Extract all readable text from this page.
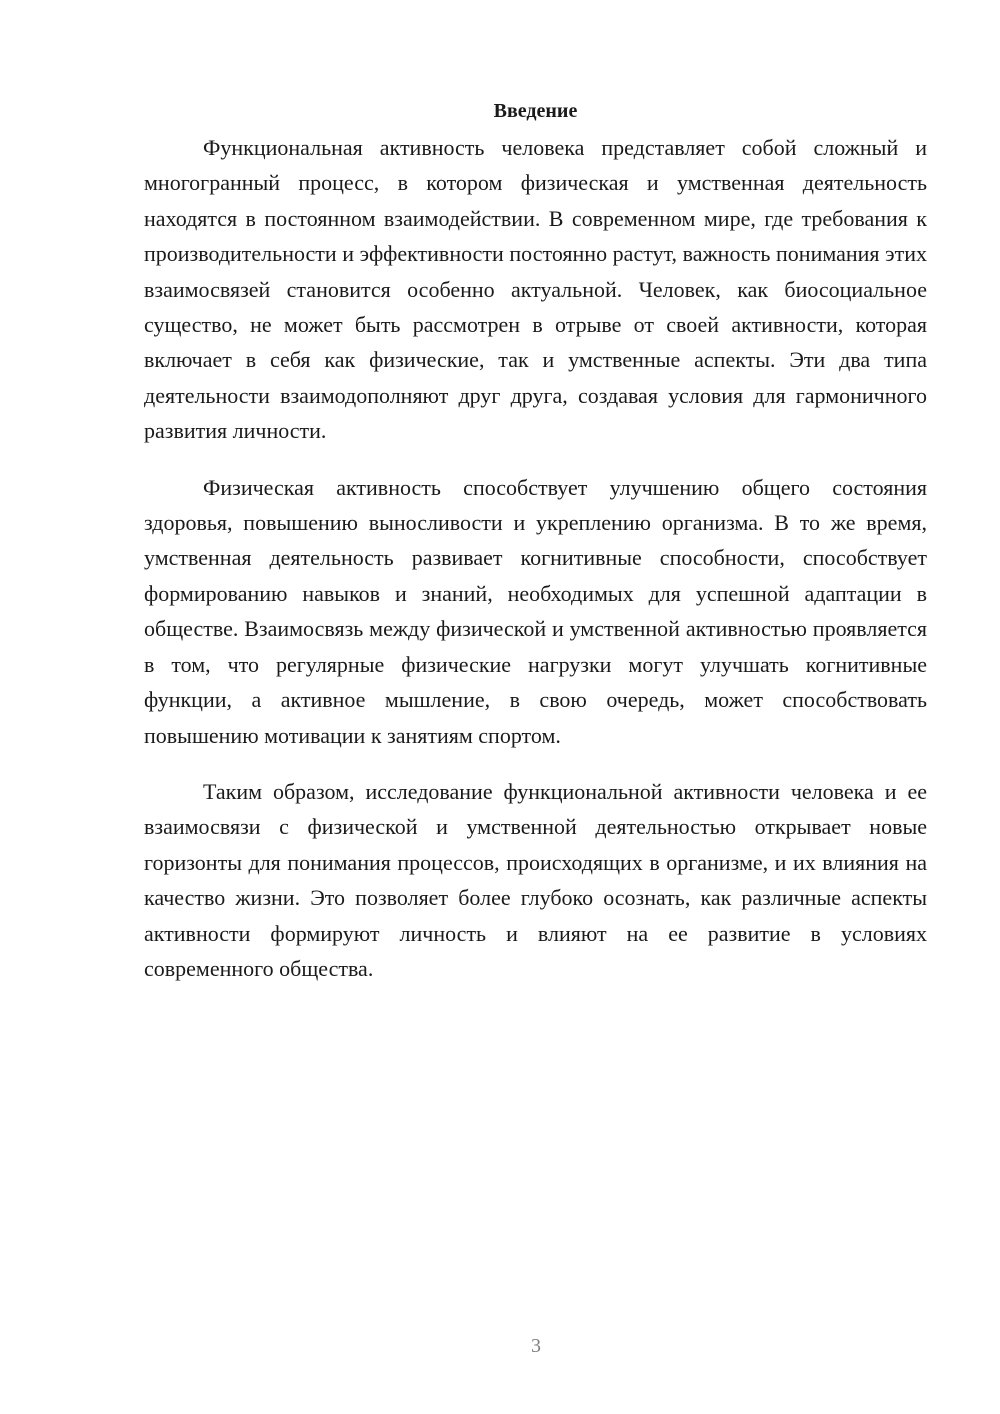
Введение

Функциональная активность человека представляет собой сложный и многогранный процесс, в котором физическая и умственная деятельность находятся в постоянном взаимодействии. В современном мире, где требования к производительности и эффективности постоянно растут, важность понимания этих взаимосвязей становится особенно актуальной. Человек, как биосоциальное существо, не может быть рассмотрен в отрыве от своей активности, которая включает в себя как физические, так и умственные аспекты. Эти два типа деятельности взаимодополняют друг друга, создавая условия для гармоничного развития личности.

Физическая активность способствует улучшению общего состояния здоровья, повышению выносливости и укреплению организма. В то же время, умственная деятельность развивает когнитивные способности, способствует формированию навыков и знаний, необходимых для успешной адаптации в обществе. Взаимосвязь между физической и умственной активностью проявляется в том, что регулярные физические нагрузки могут улучшать когнитивные функции, а активное мышление, в свою очередь, может способствовать повышению мотивации к занятиям спортом.

Таким образом, исследование функциональной активности человека и ее взаимосвязи с физической и умственной деятельностью открывает новые горизонты для понимания процессов, происходящих в организме, и их влияния на качество жизни. Это позволяет более глубоко осознать, как различные аспекты активности формируют личность и влияют на ее развитие в условиях современного общества.

3
